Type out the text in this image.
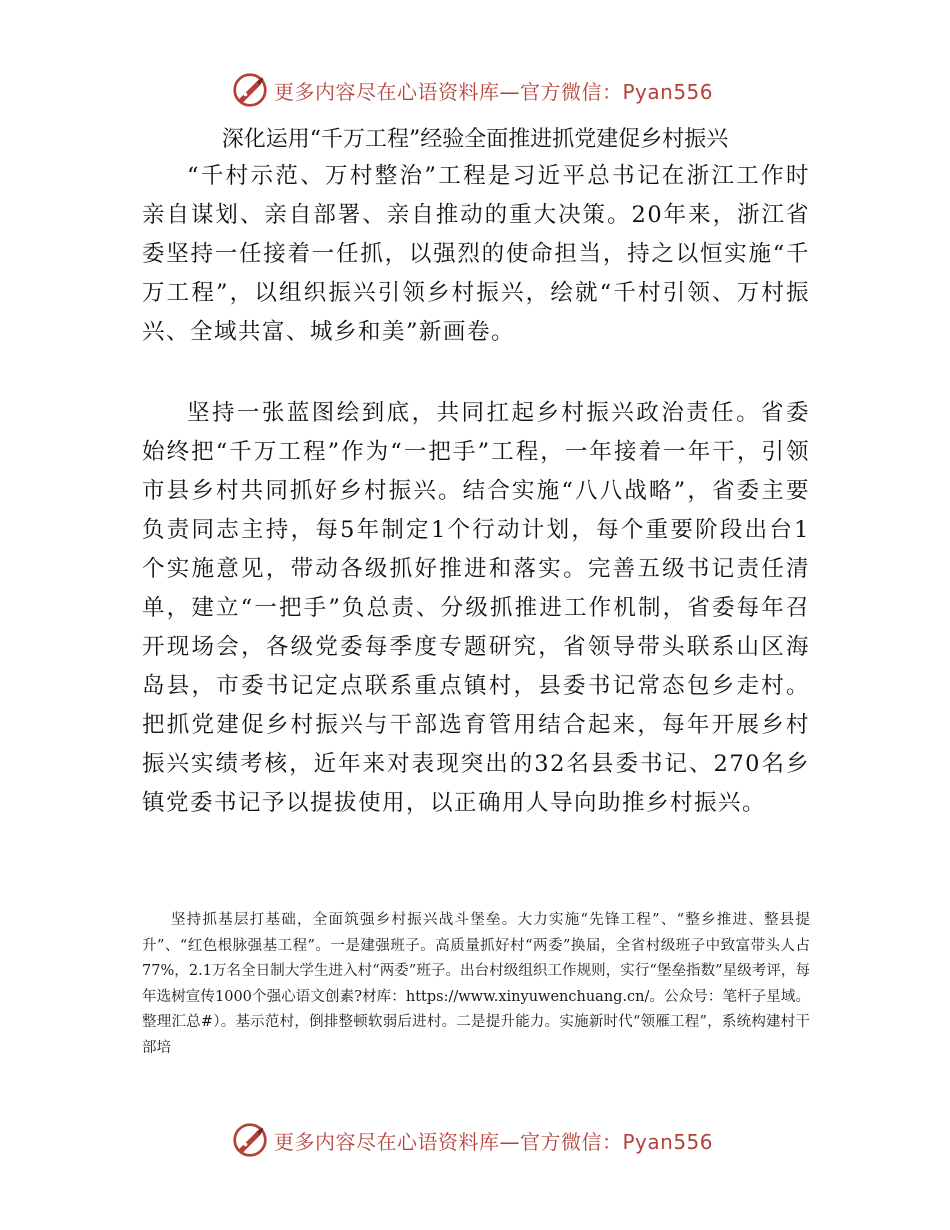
更多内容尽在心语资料库—官方微信：Pyan556
深化运用“千万工程”经验全面推进抓党建促乡村振兴

“千村示范、万村整治”工程是习近平总书记在浙江工作时亲自谋划、亲自部署、亲自推动的重大决策。20年来，浙江省委坚持一任接着一任抓，以强烈的使命担当，持之以恒实施“千万工程”，以组织振兴引领乡村振兴，绘就“千村引领、万村振兴、全域共富、城乡和美”新画卷。

坚持一张蓝图绘到底，共同扛起乡村振兴政治责任。省委始终把“千万工程”作为“一把手”工程，一年接着一年干，引领市县乡村共同抓好乡村振兴。结合实施“八八战略”，省委主要负责同志主持，每5年制定1个行动计划，每个重要阶段出台1个实施意见，带动各级抓好推进和落实。完善五级书记责任清单，建立“一把手”负总责、分级抓推进工作机制，省委每年召开现场会，各级党委每季度专题研究，省领导带头联系山区海岛县，市委书记定点联系重点镇村，县委书记常态包乡走村。把抓党建促乡村振兴与干部选育管用结合起来，每年开展乡村振兴实绩考核，近年来对表现突出的32名县委书记、270名乡镇党委书记予以提拔使用，以正确用人导向助推乡村振兴。

坚持抓基层打基础，全面筑强乡村振兴战斗堡垒。大力实施“先锋工程”、“整乡推进、整县提升”、“红色根脉强基工程”。一是建强班子。高质量抓好村“两委”换届，全省村级班子中致富带头人占77%，2.1万名全日制大学生进入村“两委”班子。出台村级组织工作规则，实行“堡垒指数”星级考评，每年选树宣传1000个强心语文创素?材库：https://www.xinyuwenchuang.cn/。公众号：笔杆子星域。整理汇总#）。基示范村，倒排整顿软弱后进村。二是提升能力。实施新时代“领雁工程”，系统构建村干部培

更多内容尽在心语资料库—官方微信：Pyan556
